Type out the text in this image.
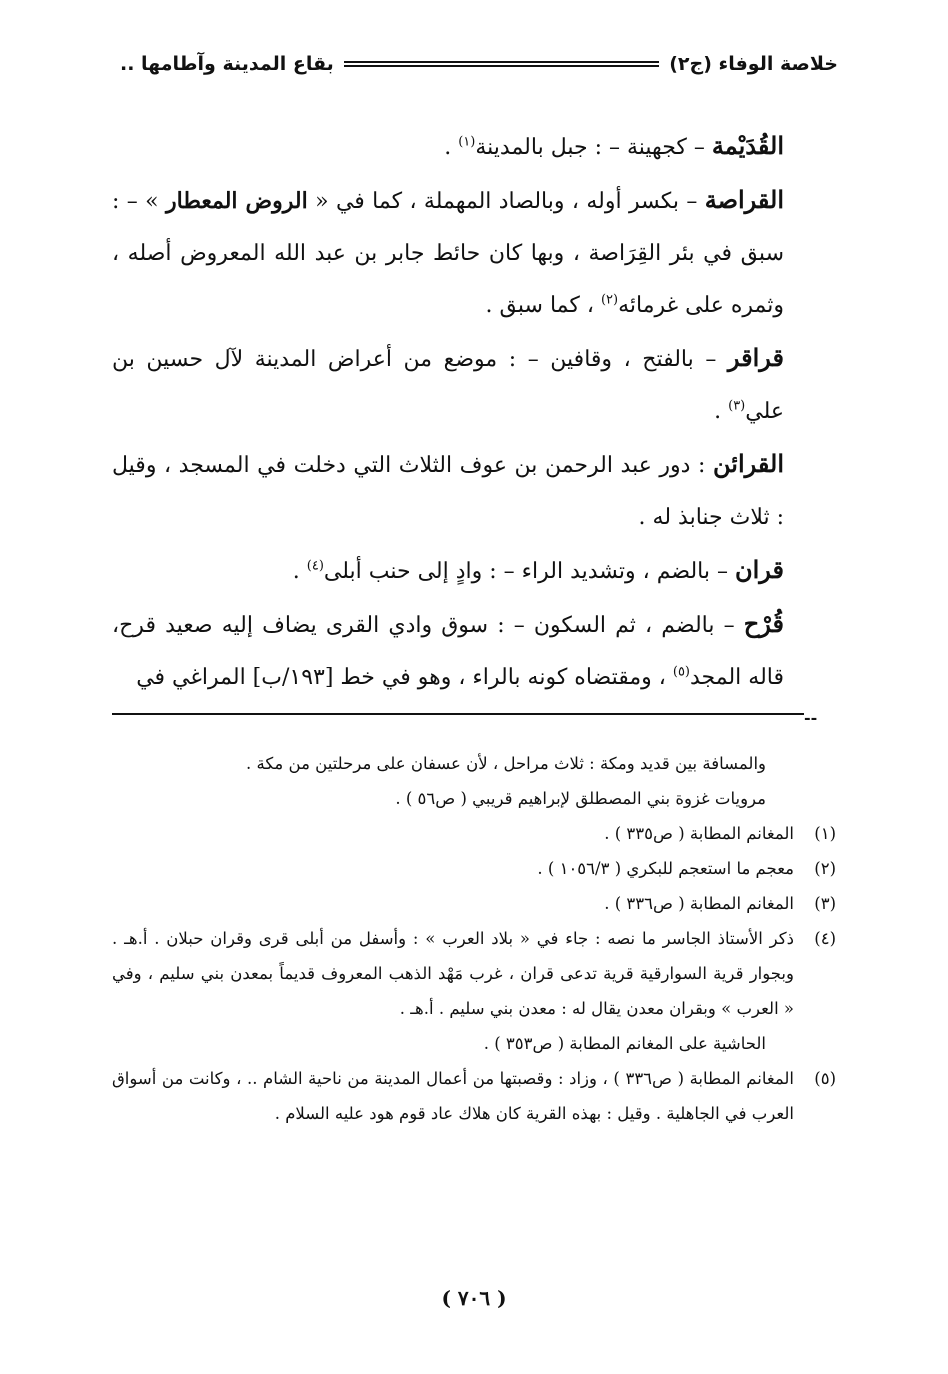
خلاصة الوفاء (ج٢)
بقاع المدينة وآطامها ..

القُدَيْمة – كجهينة – : جبل بالمدينة$^{(١)}$ .

القراصة – بكسر أوله ، وبالصاد المهملة ، كما في « الروض المعطار » – : سبق في بئر القِرَاصة ، وبها كان حائط جابر بن عبد الله المعروض أصله ، وثمره على غرمائه$^{(٢)}$ ، كما سبق .

قراقر – بالفتح ، وقافين – : موضع من أعراض المدينة لآل حسين بن علي$^{(٣)}$ .

القرائن : دور عبد الرحمن بن عوف الثلاث التي دخلت في المسجد ، وقيل : ثلاث جنابذ له .

قران – بالضم ، وتشديد الراء – : وادٍ إلى حنب أبلى$^{(٤)}$ .

قُرْح – بالضم ، ثم السكون – : سوق وادي القرى يضاف إليه صعيد قرح، قاله المجد$^{(٥)}$ ، ومقتضاه كونه بالراء ، وهو في خط [١٩٣/ب] المراغي في

--
والمسافة بين قديد ومكة : ثلاث مراحل ، لأن عسفان على مرحلتين من مكة .
مرويات غزوة بني المصطلق لإبراهيم قريبي ( ص٥٦ ) .
(١)
المغانم المطابة ( ص٣٣٥ ) .
(٢)
معجم ما استعجم للبكري ( ١٠٥٦/٣ ) .
(٣)
المغانم المطابة ( ص٣٣٦ ) .
(٤)
ذكر الأستاذ الجاسر ما نصه : جاء في « بلاد العرب » : وأسفل من أبلى قرى وقران حبلان . أ.هـ . وبجوار قرية السوارقية قرية تدعى قران ، غرب مَهْد الذهب المعروف قديماً بمعدن بني سليم ، وفي « العرب » وبقران معدن يقال له : معدن بني سليم . أ.هـ .
الحاشية على المغانم المطابة ( ص٣٥٣ ) .
(٥)
المغانم المطابة ( ص٣٣٦ ) ، وزاد : وقصبتها من أعمال المدينة من ناحية الشام .. ، وكانت من أسواق العرب في الجاهلية . وقيل : بهذه القرية كان هلاك عاد قوم هود عليه السلام .
( ٧٠٦ )
